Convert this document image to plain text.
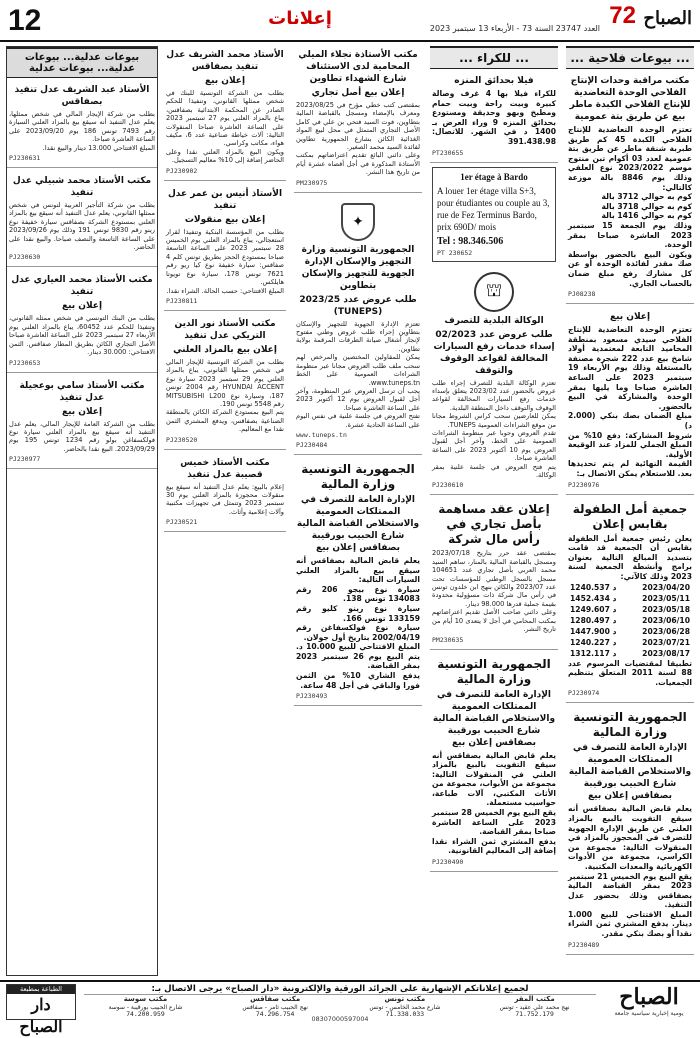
12	إعلانات	العدد 23747 السنة 73 - الأربعاء 13 سبتمبر 2023 72 الصباح
... بيوعات فلاحية ...
مكتب مراقبة وحدات الإنتاج الفلاحي الوحدة التعاضدية للإنتاج الفلاحي الكبدة ماطر بيع عن طريق بتة عمومية
تعتزم الوحدة التعاضدية للإنتاج الفلاحي الكبدة 45 كم طريق طبربة شنقة ماطر عن طريق بتة عمومية لعدد 03 أكوام تبن منتوج موسم 2023/2022 نوع العلفي وذلك يوم 8846 بالة موزعة كالتالي:
كوم به حوالي 3712 بالة
كوم به حوالي 3718 بالة
كوم به حوالي 1416 بالة
وذلك يوم الجمعة 15 سبتمبر 2023 العاشرة صباحا بمقر الوحدة.
ويكون البيع بالحضور بواسطة صك مقدر لفائدة الوحدة أو عن كل مشارك رفع مبلغ ضمان بالحساب الجاري.
PJ08238
إعلان بيع
تعتزم الوحدة التعاضدية للإنتاج الفلاحي سيدي مسعود بمنطقة المحاميد التابعة لمعتمدية أولاد شامخ بيع عدد 222 شجرة مصنفة بالمستغلة وذلك يوم الأربعاء 19 سبتمبر 2023 على الساعة العاشرة صباحا وما يليها بمقر الوحدة والمشاركة في البيع بالحضور.
مبلغ الضمان بصك بنكي (2.000 د)
شروط المشاركة: دفع 10% من المبلغ الجملي للمزاد عند الوقيعة الأولية.
القيمة النهائية لم يتم تحديدها بعد. للاستعلام يمكن الاتصال بـ:
PJ230976
جمعية أمل الطفولة بقابس إعلان
يعلن رئيس جمعية أمل الطفولة بقابس أن الجمعية قد قامت بتسديد المبالغ التالية بعنوان برامج وأنشطة الجمعية لسنة 2023 وذلك كالآتي:
2023/04/20
1240.537 د
2023/05/11
1452.434 د
2023/05/18
1249.607 د
2023/06/10
1280.497 د
2023/06/28
1447.900 د
2023/07/21
1240.227 د
2023/08/17
1312.117 د
تطبيقا لمقتضيات المرسوم عدد 88 لسنة 2011 المتعلق بتنظيم الجمعيات.
PJ230974
الجمهورية التونسية وزارة المالية
الإدارة العامة للتصرف في الممتلكات العمومية والاستخلاص القباضة المالية شارع الحبيب بورقيبة بصفاقس إعلان بيع
يعلم قابض المالية بصفاقس أنه سيقع التفويت بالبيع بالمزاد العلني عن طريق الإدارة الجهوية للتصرف في المحجوز بالمزاد في المنقولات التالية: مجموعة من الكراسي، مجموعة من الأدوات الكهربائية والمعدات المكتبية.
يقع البيع يوم الخميس 21 سبتمبر 2023 بمقر القباضة المالية بصفاقس وذلك بحضور عدل التنفيذ.
المبلغ الافتتاحي للبيع 1.000 دينار. يدفع المشتري ثمن الشراء نقدا أو بصك بنكي مقدر.
PJ230489
... للكراء ...
فيلا بحدائق المنزه
للكراء فيلا بها 4 غرف وصالة كبيرة وبيت راحة وبيت حمام ومطبخ وبهو وحديقة ومستودع بحدائق المنزه 9 وراء العرض بـ 1400 د في الشهر. للاتصال: 391.438.98
PT230655
1er étage à Bardo
A louer 1er étage villa S+3, pour étudiantes ou couple au 3, rue de Fez Terminus Bardo, prix 690D/ mois
Tel : 98.346.506
PT 230652
⛫
الوكالة البلدية للتصرف
طلب عروض عدد 02/2023 إسداء خدمات رفع السيارات المخالفة لقواعد الوقوف والتوقف
تعتزم الوكالة البلدية للتصرف إجراء طلب عروض بالحضور عدد 2023/02 يتعلق بإسداء خدمات رفع السيارات المخالفة لقواعد الوقوف والتوقف داخل المنطقة البلدية.
يمكن للعارضين سحب كراس الشروط مجانا من موقع الشراءات العمومية TUNEPS.
تقدم العروض وجوبا عبر منظومة الشراءات العمومية على الخط، وآخر أجل لقبول العروض يوم 10 أكتوبر 2023 على الساعة العاشرة صباحا.
يتم فتح العروض في جلسة علنية بمقر الوكالة.
PJ230610
إعلان عقد مساهمة بأصل تجاري في رأس مال شركة
بمقتضى عقد حرر بتاريخ 2023/07/18 ومسجل بالقباضة المالية بالمنار، ساهم السيد محمد العربي بأصل تجاري عدد 104651 مسجل بالسجل الوطني للمؤسسات تحت عدد 2023/07 والكائن بنهج ابن خلدون تونس في رأس مال شركة ذات مسؤولية محدودة بقيمة جملية قدرها 98.000 دينار.
وعلى دائني صاحب الأصل تقديم اعتراضاتهم بمكتب المحامي في أجل لا يتعدى 10 أيام من تاريخ النشر.
PM230635
الجمهورية التونسية وزارة المالية
الإدارة العامة للتصرف في الممتلكات العمومية والاستخلاص القباضة المالية شارع الحبيب بورقيبة بصفاقس إعلان بيع
يعلم قابض المالية بصفاقس أنه سيقع التفويت بالبيع بالمزاد العلني في المنقولات التالية: مجموعة من الأبواب، مجموعة من الأثاث المكتبي، آلات طباعة، حواسيب مستعملة.
يقع البيع يوم الخميس 28 سبتمبر 2023 على الساعة العاشرة صباحا بمقر القباضة.
يدفع المشتري ثمن الشراء نقدا إضافة إلى المعاليم القانونية.
PJ230490
مكتب الأستاذة نجلاء الميلي المحامية لدى الاستئناف شارع الشهداء تطاوين
إعلان بيع أصل تجاري
بمقتضى كتب خطي مؤرخ في 2023/08/25 ومعرف بالإمضاء ومسجل بالقباضة المالية بتطاوين، فوت السيد فتحي بن علي في كامل الأصل التجاري المتمثل في محل لبيع المواد الغذائية الكائن بشارع الجمهورية تطاوين لفائدة السيد محمد الصغير.
وعلى دائني البائع تقديم اعتراضاتهم بمكتب الأستاذة المذكورة في أجل أقصاه عشرة أيام من تاريخ هذا النشر.
PM230975
✦
الجمهورية التونسية وزارة التجهيز والإسكان الإدارة الجهوية للتجهيز والإسكان بتطاوين
طلب عروض عدد 2023/25 (TUNEPS)
تعتزم الإدارة الجهوية للتجهيز والإسكان بتطاوين إجراء طلب عروض وطني مفتوح لإنجاز أشغال صيانة الطرقات المرقمة بولاية تطاوين.
يمكن للمقاولين المختصين والمرخص لهم سحب ملف طلب العروض مجانا عبر منظومة الشراءات العمومية على الخط www.tuneps.tn.
يجب أن ترسل العروض عبر المنظومة، وآخر أجل لقبول العروض يوم 12 أكتوبر 2023 على الساعة العاشرة صباحا.
تفتح العروض في جلسة علنية في نفس اليوم على الساعة الحادية عشرة.
www.tuneps.tn
PJ230484
الجمهورية التونسية وزارة المالية
الإدارة العامة للتصرف في الممتلكات العمومية والاستخلاص القباضة المالية شارع الحبيب بورقيبة بصفاقس إعلان بيع
يعلم قابض المالية بصفاقس أنه سيقع بيع بالمزاد العلني السيارات التالية:
سيارة نوع بيجو 206 رقم 134083 تونس 138.
سيارة نوع رينو كليو رقم 133159 تونس 166.
سيارة نوع فولكسفاغن رقم 2002/04/19 بتاريخ أول جولان.
المبلغ الافتتاحي للبيع 10.000 د. يتم البيع يوم 26 سبتمبر 2023 بمقر القباضة.
يدفع الشاري 10% من الثمن فورا والباقي في أجل 48 ساعة.
PJ230493
الأستاذ محمد الشريف عدل تنفيذ بصفاقس
إعلان بيع
بطلب من الشركة التونسية للبنك في شخص ممثلها القانوني، وتنفيذا للحكم الصادر عن المحكمة الابتدائية بصفاقس، يباع بالمزاد العلني يوم 27 سبتمبر 2023 على الساعة العاشرة صباحا المنقولات التالية: آلات خياطة صناعية عدد 6، مكيف هواء، مكاتب وكراسي.
ويكون البيع بالمزاد العلني نقدا وعلى الحاضر إضافة إلى 10% معاليم التسجيل.
PJ230902
الأستاذ أنيس بن عمر عدل تنفيذ
إعلان بيع منقولات
بطلب من المؤسسة البنكية وتنفيذا لقرار استعجالي، يباع بالمزاد العلني يوم الخميس 28 سبتمبر 2023 على الساعة التاسعة صباحا بمستودع الحجز بطريق تونس كلم 4 صفاقس: سيارة خفيفة نوع كيا ريو رقم 7621 تونس 178، سيارة نوع تويوتا هايلكس.
المبلغ الافتتاحي: حسب الحالة. الشراء نقدا.
PJ230811
مكتب الأستاذ نور الدين التريكي عدل تنفيذ
إعلان بيع بالمزاد العلني
بطلب من الشركة التونسية للإيجار المالي في شخص ممثلها القانوني، يباع بالمزاد العلني يوم 29 سبتمبر 2023 سيارة نوع HYUNDAI ACCENT رقم 2004 تونس 187، وسيارة نوع MITSUBISHI L200 رقم 5548 تونس 190.
يتم البيع بمستودع الشركة الكائن بالمنطقة الصناعية بصفاقس، ويدفع المشتري الثمن نقدا مع المعاليم.
PJ230520
مكتب الأستاذ خميس قصيبة عدل تنفيذ
إعلام بالبيع: يعلم عدل التنفيذ أنه سيقع بيع منقولات محجوزة بالمزاد العلني يوم 30 سبتمبر 2023 وتتمثل في تجهيزات مكتبية وآلات إعلامية وأثاث.
PJ230521
بيوعات عدلية... بيوعات عدلية... بيوعات عدلية
الأستاذ عبد الشريف عدل تنفيذ بصفاقس
بطلب من شركة الإيجار المالي في شخص ممثلها، يعلم عدل التنفيذ أنه سيقع بيع بالمزاد العلني السيارة رقم 7493 تونس 186 يوم 2023/09/20 على الساعة العاشرة صباحا.
المبلغ الافتتاحي 13.000 دينار والبيع نقدا.
PJ230631
مكتب الأستاذ محمد شبيلي عدل تنفيذ
بطلب من شركة التأجير العربية لتونس في شخص ممثلها القانوني، يعلم عدل التنفيذ أنه سيقع بيع بالمزاد العلني بمستودع الشركة بصفاقس سيارة خفيفة نوع رينو رقم 9830 تونس 191 وذلك يوم 2023/09/26 على الساعة التاسعة والنصف صباحا. والبيع نقدا على الحاضر.
PJ230630
مكتب الأستاذ محمد العياري عدل تنفيذ
إعلان بيع
بطلب من البنك التونسي في شخص ممثله القانوني، وتنفيذا للحكم عدد 60452، يباع بالمزاد العلني يوم الأربعاء 27 سبتمبر 2023 على الساعة العاشرة صباحا الأصل التجاري الكائن بطريق المطار صفاقس. الثمن الافتتاحي: 30.000 دينار.
PJ230653
مكتب الأستاذ سامي بوعجيلة عدل تنفيذ
إعلان بيع
بطلب من الشركة العامة للإيجار المالي، يعلم عدل التنفيذ أنه سيقع بيع بالمزاد العلني سيارة نوع فولكسفاغن بولو رقم 1234 تونس 195 يوم 2023/09/29. البيع نقدا بالحاضر.
PJ230977
الصباح
يومية إخبارية سياسية جامعة
لجميع إعلاناتكم الإشهارية على الجرائد الورقية والإلكترونية «دار الصباح» يرجى الاتصال بـ:
مكتب المقر
نهج محمد علي عقيد - تونس
71.752.179
مكتب تونس
شارع محمد الخامس - تونس
71.338.033
مكتب صفاقس
نهج الحبيب ثامر - صفاقس
74.296.754
مكتب سوسة
شارع الحبيب بورقيبة - سوسة
74.200.959
08307000597004
الطباعة بمطبعة
دار الصباح
